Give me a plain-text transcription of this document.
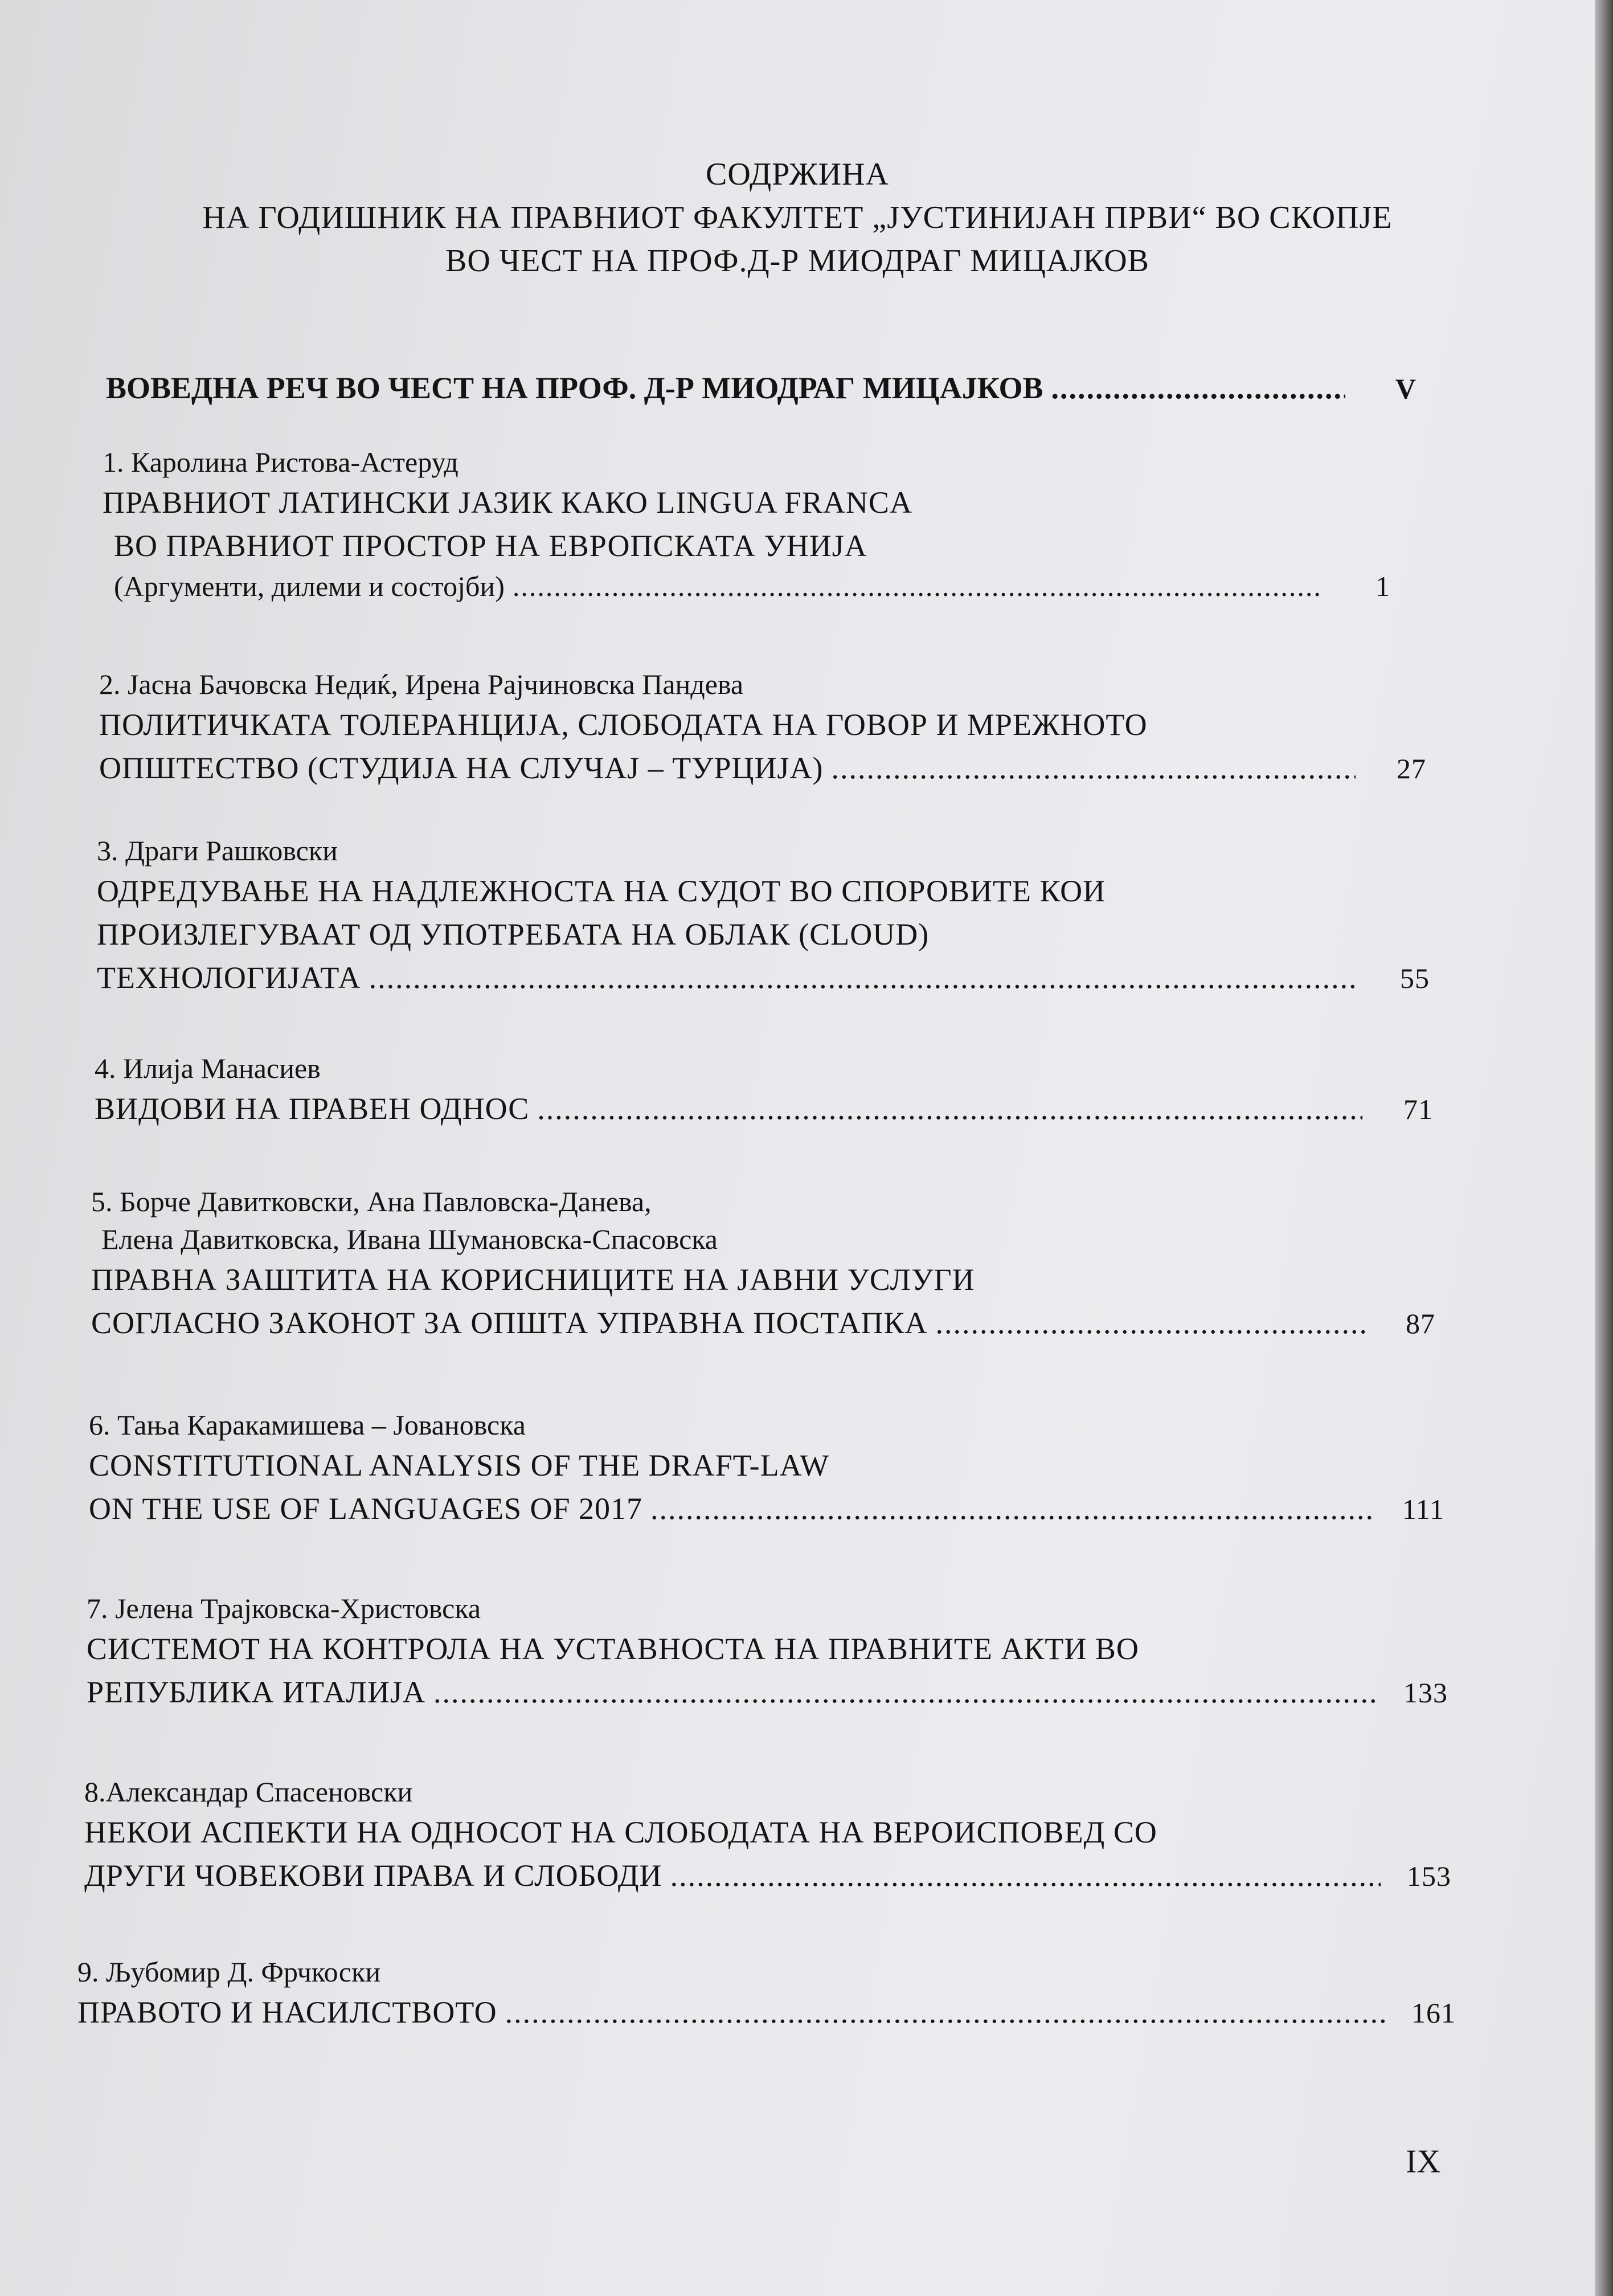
СОДРЖИНА
НА ГОДИШНИК НА ПРАВНИОТ ФАКУЛТЕТ „ЈУСТИНИЈАН ПРВИ“ ВО СКОПЈЕ
ВО ЧЕСТ НА ПРОФ.Д-Р МИОДРАГ МИЦАЈКОВ
ВОВЕДНА РЕЧ ВО ЧЕСТ НА ПРОФ. Д-Р МИОДРАГ МИЦАЈКОВ .....	V
1. Каролина Ристова-Астеруд
ПРАВНИОТ ЛАТИНСКИ ЈАЗИК КАКО LINGUA FRANCA
ВО ПРАВНИОТ ПРОСТОР НА ЕВРОПСКАТА УНИЈА
(Аргументи, дилеми и состојби) .....	1
2. Јасна Бачовска Недиќ, Ирена Рајчиновска Пандева
ПОЛИТИЧКАТА ТОЛЕРАНЦИЈА, СЛОБОДАТА НА ГОВОР И МРЕЖНОТО
ОПШТЕСТВО (СТУДИЈА НА СЛУЧАЈ – ТУРЦИЈА) .....	27
3. Драги Рашковски
ОДРЕДУВАЊЕ НА НАДЛЕЖНОСТА НА СУДОТ ВО СПОРОВИТЕ КОИ
ПРОИЗЛЕГУВААТ ОД УПОТРЕБАТА НА ОБЛАК (CLOUD)
ТЕХНОЛОГИЈАТА .....	55
4. Илија Манасиев
ВИДОВИ НА ПРАВЕН ОДНОС .....	71
5. Борче Давитковски, Ана Павловска-Данева,
Елена Давитковска, Ивана Шумановска-Спасовска
ПРАВНА ЗАШТИТА НА КОРИСНИЦИТЕ НА ЈАВНИ УСЛУГИ
СОГЛАСНО ЗАКОНОТ ЗА ОПШТА УПРАВНА ПОСТАПКА .....	87
6. Тања Каракамишева – Јовановска
CONSTITUTIONAL ANALYSIS OF THE DRAFT-LAW
ON THE USE OF LANGUAGES OF 2017 .....	111
7. Јелена Трајковска-Христовска
СИСТЕМОТ НА КОНТРОЛА НА УСТАВНОСТА НА ПРАВНИТЕ АКТИ ВО
РЕПУБЛИКА ИТАЛИЈА .....	133
8.Александар Спасеновски
НЕКОИ АСПЕКТИ НА ОДНОСОТ НА СЛОБОДАТА НА ВЕРОИСПОВЕД СО
ДРУГИ ЧОВЕКОВИ ПРАВА И СЛОБОДИ .....	153
9. Љубомир Д. Фрчкоски
ПРАВОТО И НАСИЛСТВОТО .....	161
IX
